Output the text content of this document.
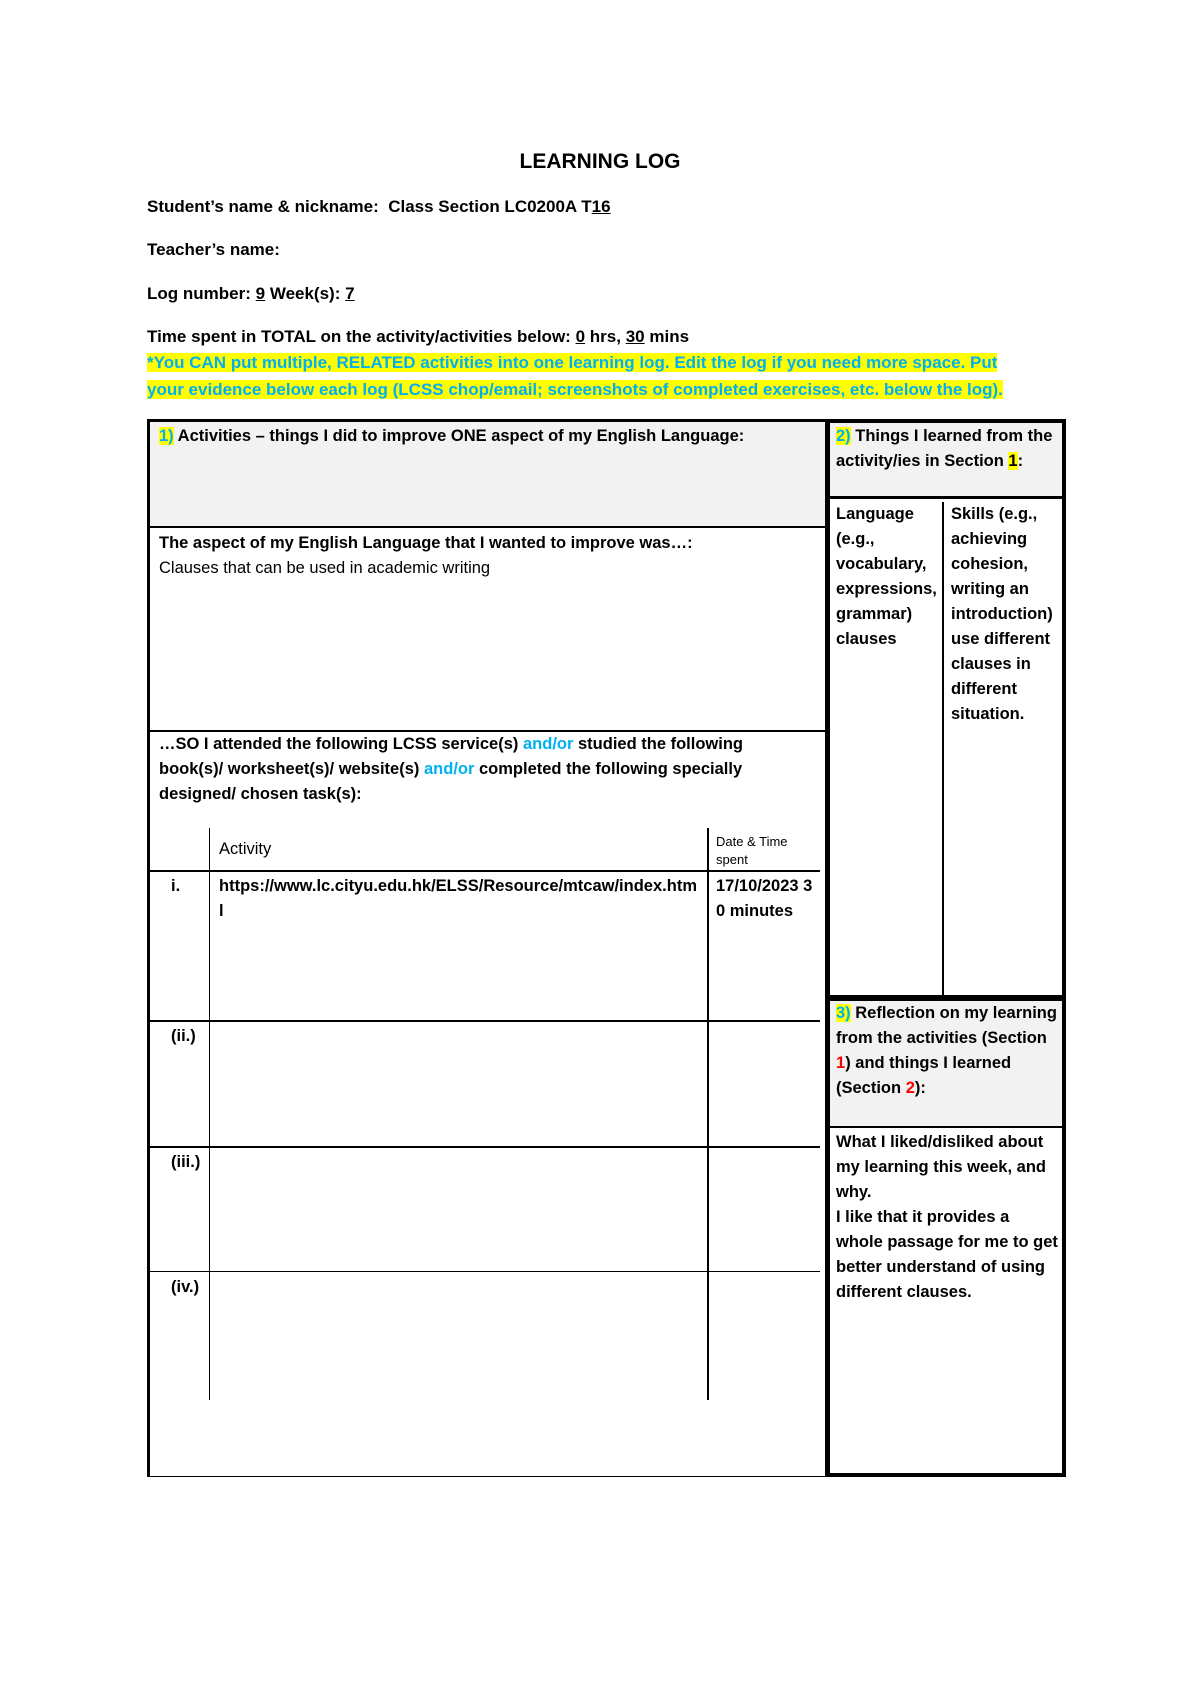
LEARNING LOG
Student’s name & nickname: Class Section LC0200A T16
Teacher’s name:
Log number: 9 Week(s): 7
Time spent in TOTAL on the activity/activities below: 0 hrs, 30 mins
*You CAN put multiple, RELATED activities into one learning log. Edit the log if you need more space. Put
your evidence below each log (LCSS chop/email; screenshots of completed exercises, etc. below the log).
1) Activities – things I did to improve ONE aspect of my English Language:
The aspect of my English Language that I wanted to improve was…:
Clauses that can be used in academic writing
…SO I attended the following LCSS service(s) and/or studied the following
book(s)/ worksheet(s)/ website(s) and/or completed the following specially
designed/ chosen task(s):
Activity	Date & Time spent
i.	https://www.lc.cityu.edu.hk/ELSS/Resource/mtcaw/index.html
17/10/2023 30 minutes
(ii.)
(iii.)
(iv.)
2) Things I learned from the activity/ies in Section 1:
Language (e.g., vocabulary, expressions, grammar)
clauses
Skills (e.g., achieving cohesion, writing an introduction)
use different clauses in different situation.
3) Reflection on my learning from the activities (Section 1) and things I learned (Section 2):
What I liked/disliked about my learning this week, and why.
I like that it provides a whole passage for me to get better understand of using different clauses.
